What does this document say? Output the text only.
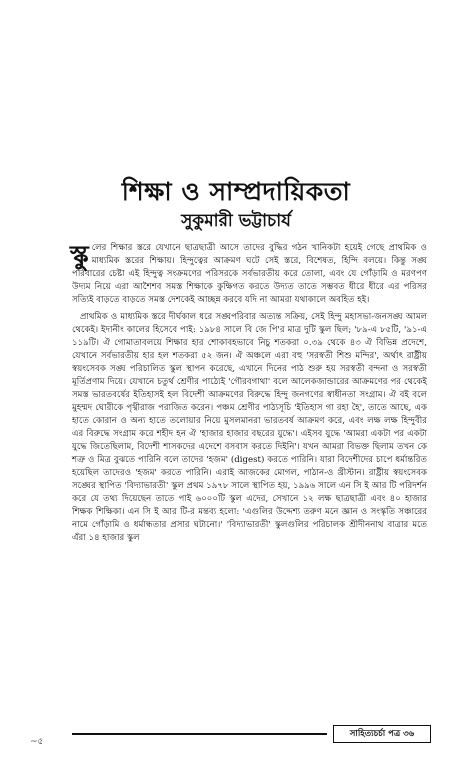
শিক্ষা ও সাম্প্রদায়িকতা
সুকুমারী ভট্টাচার্য

স্কু লের শিক্ষার স্তরে যেখানে ছাত্রছাত্রী আসে তাদের বুদ্ধির গঠন খানিকটা হয়েই গেছে প্রাথমিক ও মাধ্যমিক স্তরের শিক্ষায়। হিন্দুত্বের আক্রমণ ঘটে সেই স্তরে, বিশেষত, হিন্দি বলয়ে। কিন্তু সঙ্ঘ পরিবারের চেষ্টা এই হিন্দুত্ব সংক্রমণের পরিসরকে সর্বভারতীয় করে তোলা, এবং যে গোঁড়ামি ও মরণপণ উদ্যম নিয়ে এরা আশৈশব সমস্ত শিক্ষাকে কুক্ষিগত করতে উদ্যত তাতে সম্ভবত ধীরে ধীরে এর পরিসর সত্যিই বাড়তে বাড়তে সমস্ত দেশকেই আচ্ছন্ন করবে যদি না আমরা যথাকালে অবহিত হই।

প্রাথমিক ও মাধ্যমিক স্তরে দীর্ঘকাল ধরে সঙ্ঘপরিবার অত্যন্ত সক্রিয়, সেই হিন্দু মহাসভা-জনসঙ্ঘ আমল থেকেই। ইদানীং কালের হিসেবে পাই: ১৯৮৪ সালে বি জে পি'র মাত্র দুটি স্কুল ছিল; '৮৯-এ ৮৫টি, '৯১-এ ১১৯টি। ঐ গোমাতাবলয়ে শিক্ষার হার শোকাবহভাবে নিচু শতকরা ০.৩৯ থেকে ৪৩ ঐ বিভিন্ন প্রদেশে, যেখানে সর্বভারতীয় হার হল শতকরা ৫২ জন। ঐ অঞ্চলে এরা বহু 'সরস্বতী শিশু মন্দির', অর্থাৎ রাষ্ট্রীয় স্বয়ংসেবক সঙ্ঘ পরিচালিত স্কুল স্থাপন করেছে, এখানে দিনের পাঠ শুরু হয় সরস্বতী বন্দনা ও সরস্বতী মূর্তিপ্রণাম দিয়ে। যেখানে চতুর্থ শ্রেণীর পাঠ্যেই 'গৌরবগাথা' বলে আলেকজান্ডারের আক্রমণের পর থেকেই সমস্ত ভারতবর্ষের ইতিহাসই হল বিদেশী আক্রমণের বিরুদ্ধে হিন্দু জনগণের স্বাধীনতা সংগ্রাম। ঐ বই বলে মুহম্মদ ঘোরীকে পৃথ্বীরাজ পরাজিত করেন। পঞ্চম শ্রেণীর পাঠ্যসূচি 'ইতিহাস গা রহা হৈ', তাতে আছে, এক হাতে কোরান ও অন্য হাতে তলোয়ার নিয়ে মুসলমানরা ভারতবর্ষ আক্রমণ করে, এবং লক্ষ লক্ষ হিন্দুবীর এর বিরুদ্ধে সংগ্রাম করে শহীদ হন ঐ 'হাজার হাজার বছরের যুদ্ধে'। এইসব যুদ্ধে 'আমরা একটা পর একটা যুদ্ধে জিতেছিলাম, বিদেশী শাসকদের এদেশে বসবাস করতে দিইনি'। যখন আমরা বিভক্ত ছিলাম তখন কে শত্রু ও মিত্র বুঝতে পারিনি বলে তাদের 'হজম' (digest) করতে পারিনি। যারা বিদেশীদের চাপে ধর্মান্তরিত হয়েছিল তাদেরও 'হজম' করতে পারিনি। এরাই আজকের মোগল, পাঠান-ও খ্রীস্টান। রাষ্ট্রীয় স্বয়ংসেবক সঙ্ঘের স্থাপিত 'বিদ্যাভারতী' স্কুল প্রথম ১৯৭৮ সালে স্থাপিত হয়, ১৯৯৬ সালে এন সি ই আর টি পরিদর্শন করে যে তথ্য দিয়েছেন তাতে পাই ৬০০০টি স্কুল এদের, সেখানে ১২ লক্ষ ছাত্রছাত্রী এবং ৪০ হাজার শিক্ষক শিক্ষিকা। এন সি ই আর টি-র মন্তব্য হলো: 'এগুলির উদ্দেশ্য তরুণ মনে জ্ঞান ও সংস্কৃতি সঞ্চারের নামে গোঁড়ামি ও ধর্মান্ধতার প্রসার ঘটানো।' 'বিদ্যাভারতী' স্কুলগুলির পরিচালক শ্রীদীননাথ বাত্রার মতে এঁরা ১৪ হাজার স্কুল

~৫
সাহিত্যচর্চা পত্র ৩৬
